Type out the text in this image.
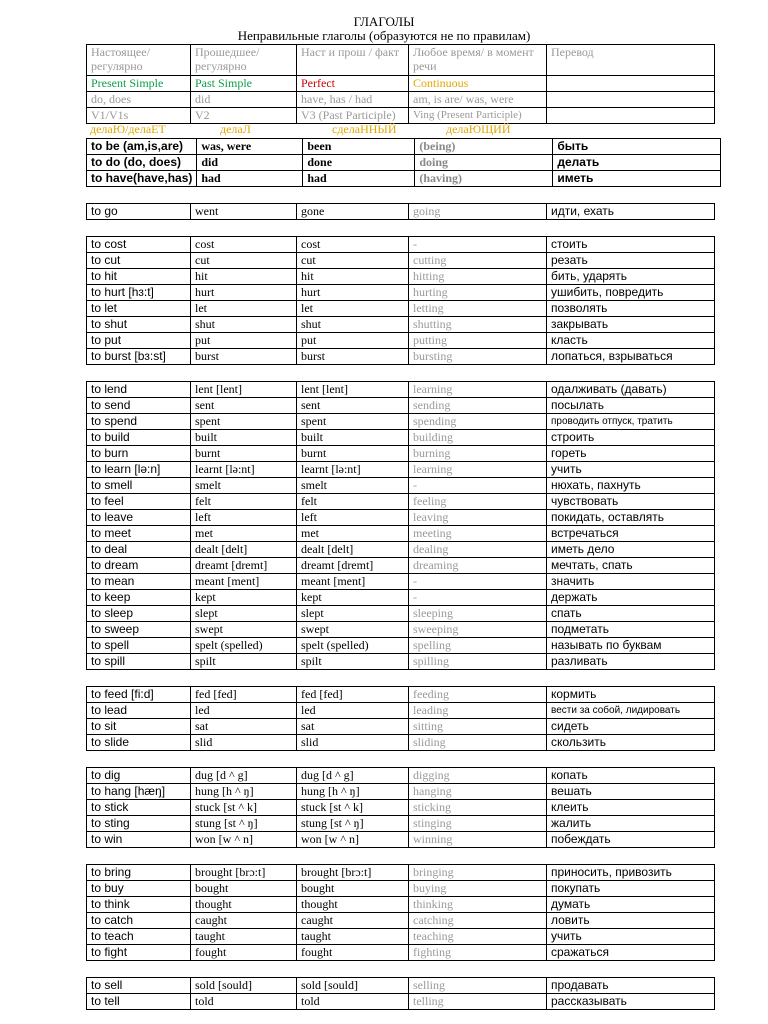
ГЛАГОЛЫ
Неправильные глаголы (образуются не по правилам)
Настоящее/ регулярно	Прошедшее/ регулярно	Наст и прош / факт	Любое время/ в момент речи	Перевод
Present Simple	Past Simple	Perfect	Continuous	
do, does	did	have, has / had	am, is are/ was, were	
V1/V1s	V2	V3 (Past Participle)	Ving (Present Participle)	
делаЮ/делаЕТ	делаЛ	сделаННЫЙ	делаЮЩИЙ
to be (am,is,are)	was, were	been	(being)	быть
to do (do, does)	did	done	doing	делать
to have(have,has)	had	had	(having)	иметь
to go	went	gone	going	идти, ехать
to cost	cost	cost	-	стоить
to cut	cut	cut	cutting	резать
to hit	hit	hit	hitting	бить, ударять
to hurt [hɜ:t]	hurt	hurt	hurting	ушибить, повредить
to let	let	let	letting	позволять
to shut	shut	shut	shutting	закрывать
to put	put	put	putting	класть
to burst [bɜ:st]	burst	burst	bursting	лопаться, взрываться
to lend	lent [lent]	lent [lent]	learning	одалживать (давать)
to send	sent	sent	sending	посылать
to spend	spent	spent	spending	проводить отпуск, тратить
to build	built	built	building	строить
to burn	burnt	burnt	burning	гореть
to learn [lə:n]	learnt [lə:nt]	learnt [lə:nt]	learning	учить
to smell	smelt	smelt	-	нюхать, пахнуть
to feel	felt	felt	feeling	чувствовать
to leave	left	left	leaving	покидать, оставлять
to meet	met	met	meeting	встречаться
to deal	dealt [delt]	dealt [delt]	dealing	иметь дело
to dream	dreamt [dremt]	dreamt [dremt]	dreaming	мечтать, спать
to mean	meant [ment]	meant [ment]	-	значить
to keep	kept	kept	-	держать
to sleep	slept	slept	sleeping	спать
to sweep	swept	swept	sweeping	подметать
to spell	spelt (spelled)	spelt (spelled)	spelling	называть по буквам
to spill	spilt	spilt	spilling	разливать
to feed [fi:d]	fed [fed]	fed [fed]	feeding	кормить
to lead	led	led	leading	вести за собой, лидировать
to sit	sat	sat	sitting	сидеть
to slide	slid	slid	sliding	скользить
to dig	dug [d ^ g]	dug [d ^ g]	digging	копать
to hang [hæŋ]	hung [h ^ ŋ]	hung [h ^ ŋ]	hanging	вешать
to stick	stuck [st ^ k]	stuck [st ^ k]	sticking	клеить
to sting	stung [st ^ ŋ]	stung [st ^ ŋ]	stinging	жалить
to win	won [w ^ n]	won [w ^ n]	winning	побеждать
to bring	brought [brɔ:t]	brought [brɔ:t]	bringing	приносить, привозить
to buy	bought	bought	buying	покупать
to think	thought	thought	thinking	думать
to catch	caught	caught	catching	ловить
to teach	taught	taught	teaching	учить
to fight	fought	fought	fighting	сражаться
to sell	sold [sould]	sold [sould]	selling	продавать
to tell	told	told	telling	рассказывать
